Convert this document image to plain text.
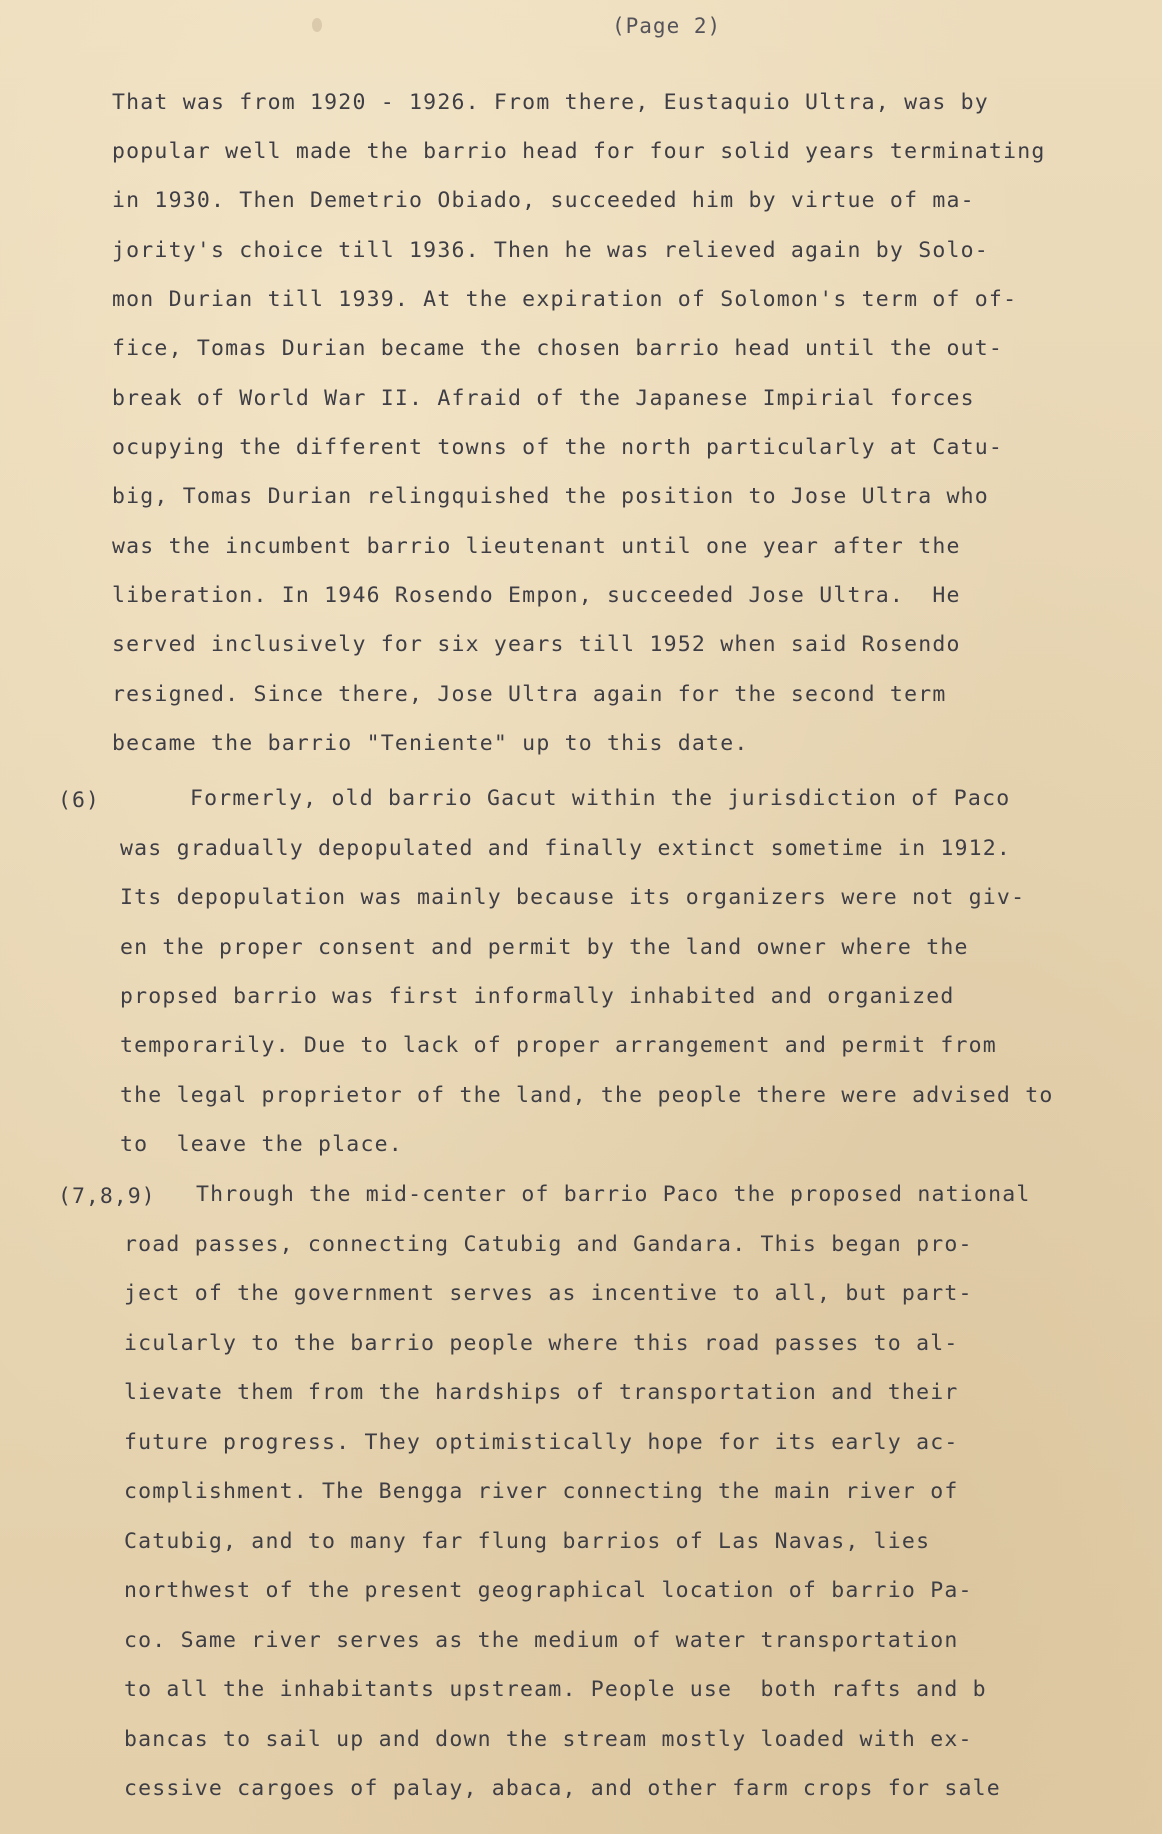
(Page 2)
That was from 1920 - 1926. From there, Eustaquio Ultra, was by
popular well made the barrio head for four solid years terminating
in 1930. Then Demetrio Obiado, succeeded him by virtue of ma-
jority's choice till 1936. Then he was relieved again by Solo-
mon Durian till 1939. At the expiration of Solomon's term of of-
fice, Tomas Durian became the chosen barrio head until the out-
break of World War II. Afraid of the Japanese Impirial forces
ocupying the different towns of the north particularly at Catu-
big, Tomas Durian relingquished the position to Jose Ultra who
was the incumbent barrio lieutenant until one year after the
liberation. In 1946 Rosendo Empon, succeeded Jose Ultra.  He
served inclusively for six years till 1952 when said Rosendo
resigned. Since there, Jose Ultra again for the second term
became the barrio "Teniente" up to this date.
(6)	Formerly, old barrio Gacut within the jurisdiction of Paco
was gradually depopulated and finally extinct sometime in 1912.
Its depopulation was mainly because its organizers were not giv-
en the proper consent and permit by the land owner where the
propsed barrio was first informally inhabited and organized
temporarily. Due to lack of proper arrangement and permit from
the legal proprietor of the land, the people there were advised to
to  leave the place.
(7,8,9) Through the mid-center of barrio Paco the proposed national
road passes, connecting Catubig and Gandara. This began pro-
ject of the government serves as incentive to all, but part-
icularly to the barrio people where this road passes to al-
lievate them from the hardships of transportation and their
future progress. They optimistically hope for its early ac-
complishment. The Bengga river connecting the main river of
Catubig, and to many far flung barrios of Las Navas, lies
northwest of the present geographical location of barrio Pa-
co. Same river serves as the medium of water transportation
to all the inhabitants upstream. People use  both rafts and b
bancas to sail up and down the stream mostly loaded with ex-
cessive cargoes of palay, abaca, and other farm crops for sale
